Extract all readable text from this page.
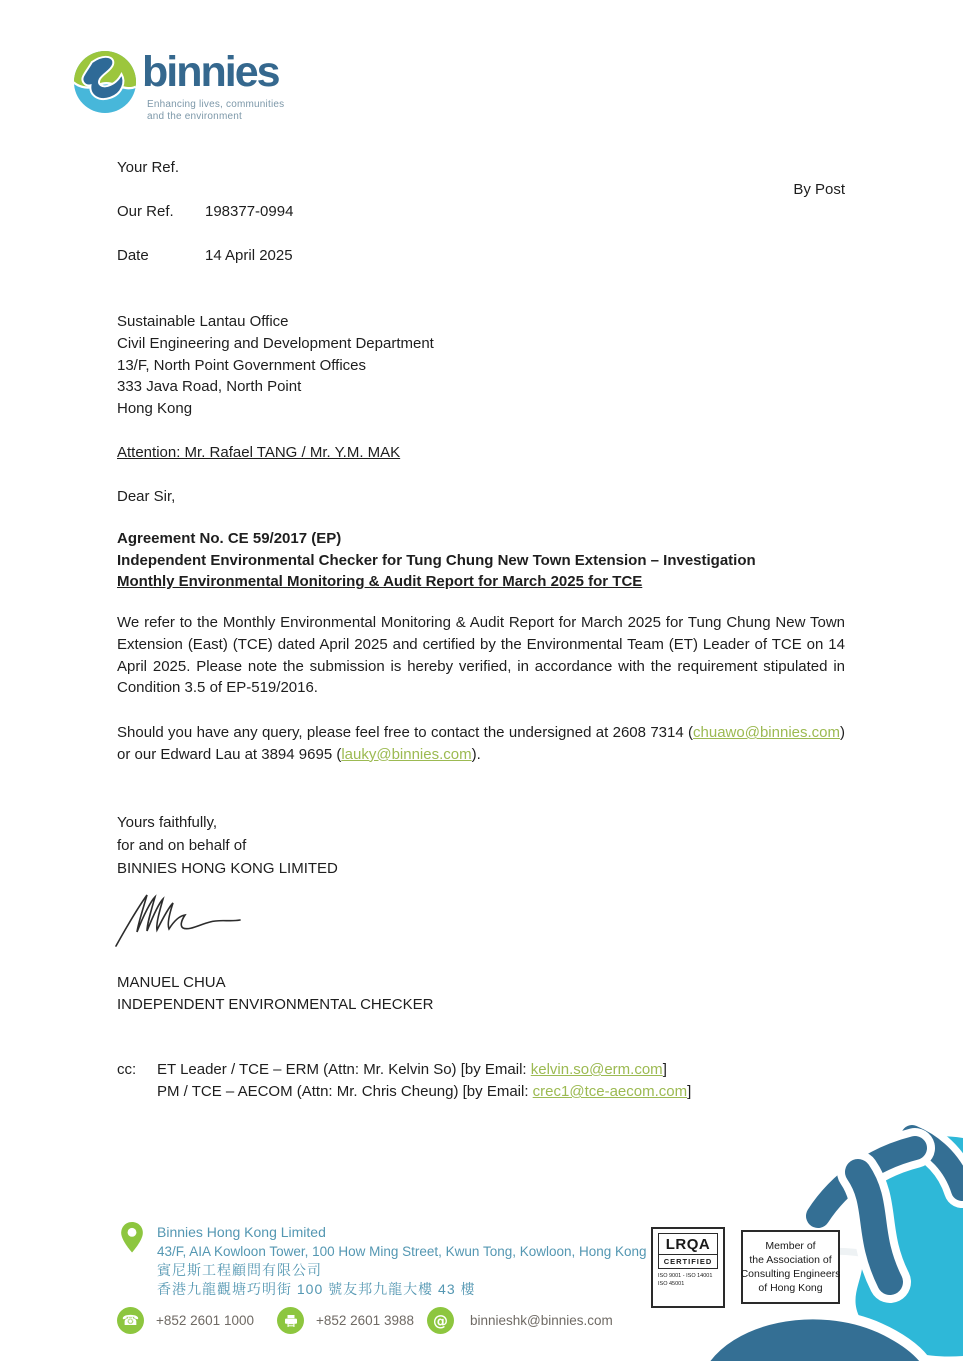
binnies
Enhancing lives, communities
and the environment
Your Ref.
By Post
Our Ref. 198377-0994
Date	14 April 2025
Sustainable Lantau Office
Civil Engineering and Development Department
13/F, North Point Government Offices
333 Java Road, North Point
Hong Kong
Attention: Mr. Rafael TANG / Mr. Y.M. MAK
Dear Sir,
Agreement No. CE 59/2017 (EP)
Independent Environmental Checker for Tung Chung New Town Extension – Investigation
Monthly Environmental Monitoring & Audit Report for March 2025 for TCE
We refer to the Monthly Environmental Monitoring & Audit Report for March 2025 for Tung Chung New Town Extension (East) (TCE) dated April 2025 and certified by the Environmental Team (ET) Leader of TCE on 14 April 2025. Please note the submission is hereby verified, in accordance with the requirement stipulated in Condition 3.5 of EP-519/2016.
Should you have any query, please feel free to contact the undersigned at 2608 7314 (chuawo@binnies.com) or our Edward Lau at 3894 9695 (lauky@binnies.com).
Yours faithfully,
for and on behalf of
BINNIES HONG KONG LIMITED
MANUEL CHUA
INDEPENDENT ENVIRONMENTAL CHECKER
cc: ET Leader / TCE – ERM (Attn: Mr. Kelvin So) [by Email: kelvin.so@erm.com]
PM / TCE – AECOM (Attn: Mr. Chris Cheung) [by Email: crec1@tce-aecom.com]
Binnies Hong Kong Limited
43/F, AIA Kowloon Tower, 100 How Ming Street, Kwun Tong, Kowloon, Hong Kong
賓尼斯工程顧問有限公司
香港九龍觀塘巧明街 100 號友邦九龍大樓 43 樓
☎ +852 2601 1000	+852 2601 3988 @ binnieshk@binnies.com
LRQA
CERTIFIED
ISO 9001 - ISO 14001
ISO 45001
Member of
the Association of
Consulting Engineers
of Hong Kong
